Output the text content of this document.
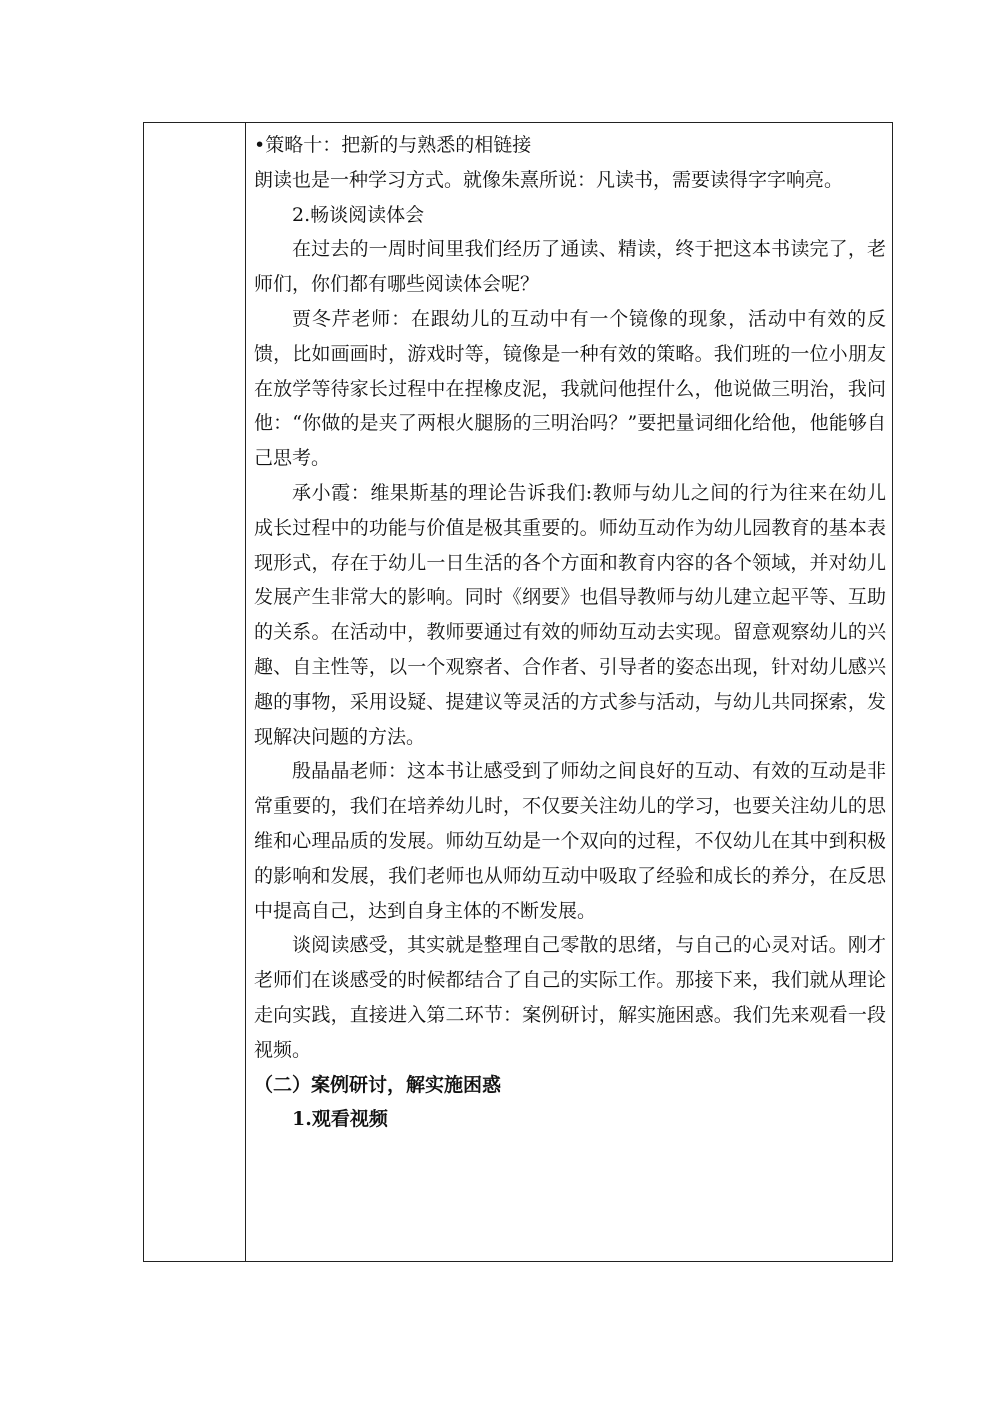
•策略十：把新的与熟悉的相链接

朗读也是一种学习方式。就像朱熹所说：凡读书，需要读得字字响亮。

2.畅谈阅读体会

在过去的一周时间里我们经历了通读、精读，终于把这本书读完了，老师们，你们都有哪些阅读体会呢？

贾冬芹老师：在跟幼儿的互动中有一个镜像的现象，活动中有效的反馈，比如画画时，游戏时等，镜像是一种有效的策略。我们班的一位小朋友在放学等待家长过程中在捏橡皮泥，我就问他捏什么，他说做三明治，我问他：“你做的是夹了两根火腿肠的三明治吗？”要把量词细化给他，他能够自己思考。

承小霞：维果斯基的理论告诉我们:教师与幼儿之间的行为往来在幼儿成长过程中的功能与价值是极其重要的。师幼互动作为幼儿园教育的基本表现形式，存在于幼儿一日生活的各个方面和教育内容的各个领域，并对幼儿发展产生非常大的影响。同时《纲要》也倡导教师与幼儿建立起平等、互助的关系。在活动中，教师要通过有效的师幼互动去实现。留意观察幼儿的兴趣、自主性等，以一个观察者、合作者、引导者的姿态出现，针对幼儿感兴趣的事物，采用设疑、提建议等灵活的方式参与活动，与幼儿共同探索，发现解决问题的方法。

殷晶晶老师：这本书让感受到了师幼之间良好的互动、有效的互动是非常重要的，我们在培养幼儿时，不仅要关注幼儿的学习，也要关注幼儿的思维和心理品质的发展。师幼互幼是一个双向的过程，不仅幼儿在其中到积极的影响和发展，我们老师也从师幼互动中吸取了经验和成长的养分，在反思中提高自己，达到自身主体的不断发展。

谈阅读感受，其实就是整理自己零散的思绪，与自己的心灵对话。刚才老师们在谈感受的时候都结合了自己的实际工作。那接下来，我们就从理论走向实践，直接进入第二环节：案例研讨，解实施困惑。我们先来观看一段视频。

（二）案例研讨，解实施困惑

1.观看视频
